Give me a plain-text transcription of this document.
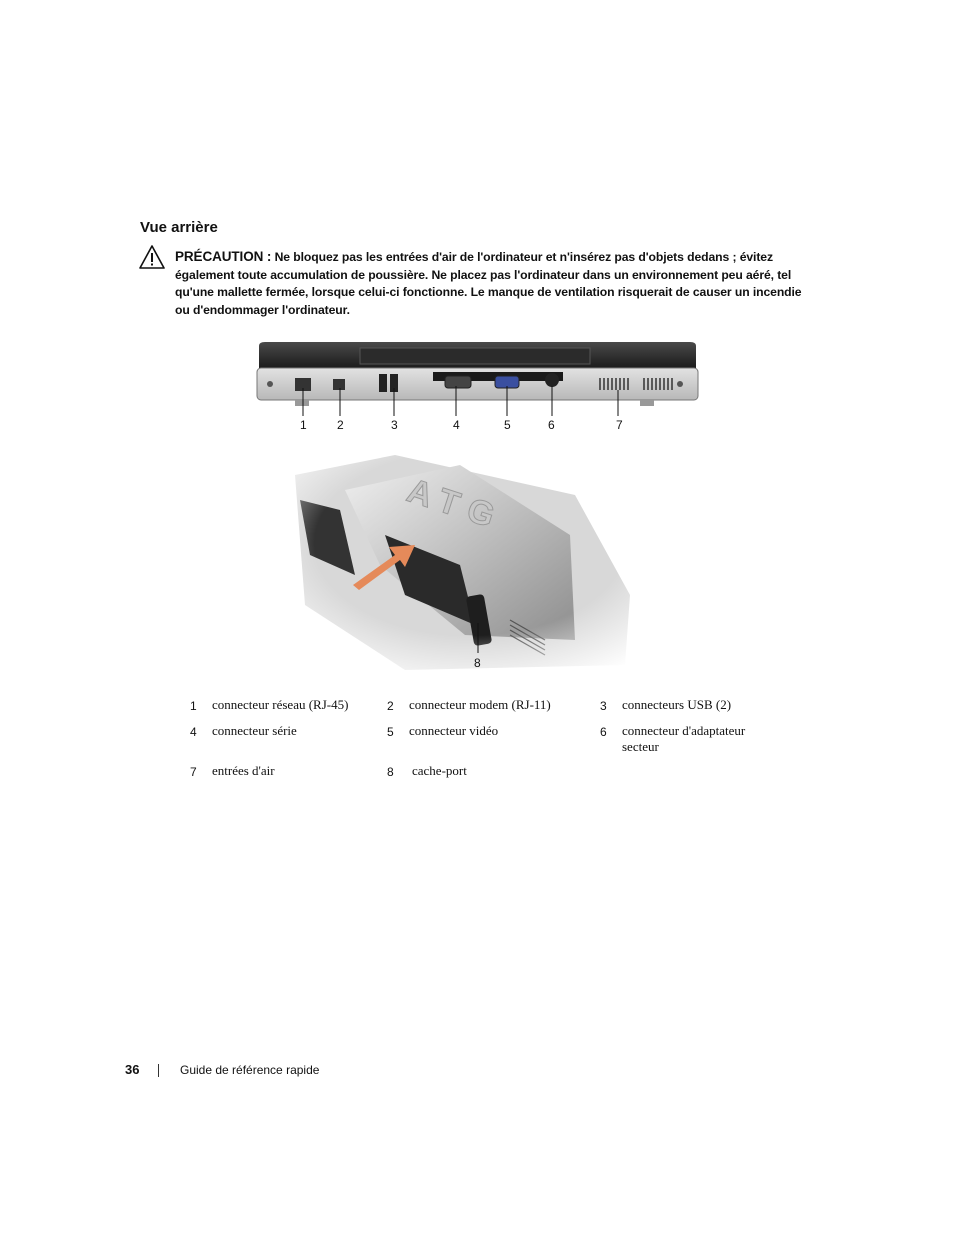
Vue arrière
PRÉCAUTION : Ne bloquez pas les entrées d'air de l'ordinateur et n'insérez pas d'objets dedans ; évitez également toute accumulation de poussière. Ne placez pas l'ordinateur dans un environnement peu aéré, tel qu'une mallette fermée, lorsque celui-ci fonctionne. Le manque de ventilation risquerait de causer un incendie ou d'endommager l'ordinateur.
1	2	3	4	5	6	7
8
1	connecteur réseau (RJ-45)	2	connecteur modem (RJ-11)	3	connecteurs USB (2)
4	connecteur série	5	connecteur vidéo	6	connecteur d'adaptateur secteur
7	entrées d'air	8	cache-port		
36	Guide de référence rapide
